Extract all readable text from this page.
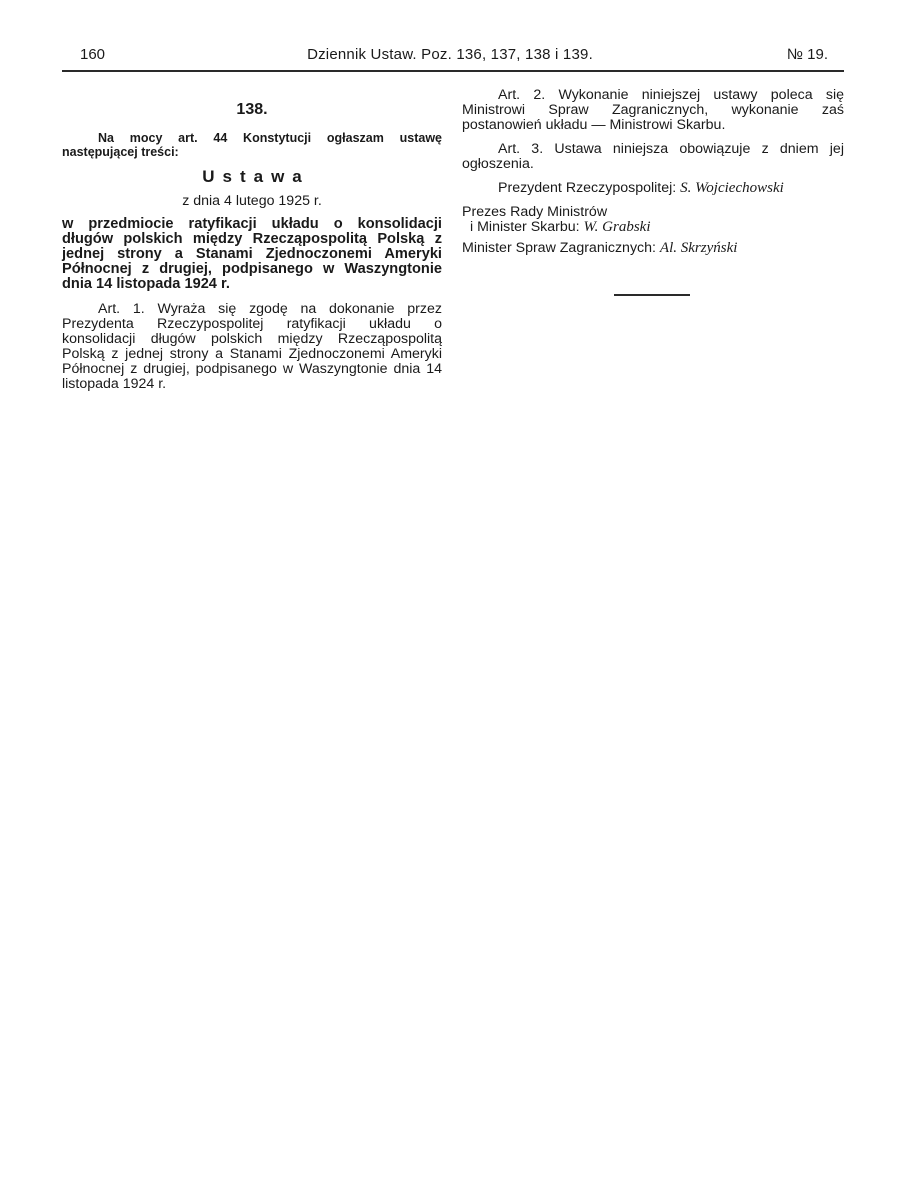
160	Dziennik Ustaw. Poz. 136, 137, 138 i 139.	№ 19.
138.
Na mocy art. 44 Konstytucji ogłaszam ustawę następującej treści:
Ustawa
z dnia 4 lutego 1925 r.
w przedmiocie ratyfikacji układu o konsolidacji długów polskich między Rzecząpospolitą Polską z jednej strony a Stanami Zjednoczonemi Ameryki Północnej z drugiej, podpisanego w Waszyngtonie dnia 14 listopada 1924 r.
Art. 1. Wyraża się zgodę na dokonanie przez Prezydenta Rzeczypospolitej ratyfikacji układu o konsolidacji długów polskich między Rzecząpospolitą Polską z jednej strony a Stanami Zjednoczonemi Ameryki Północnej z drugiej, podpisanego w Waszyngtonie dnia 14 listopada 1924 r.
Art. 2. Wykonanie niniejszej ustawy poleca się Ministrowi Spraw Zagranicznych, wykonanie zaś postanowień układu — Ministrowi Skarbu.
Art. 3. Ustawa niniejsza obowiązuje z dniem jej ogłoszenia.
Prezydent Rzeczypospolitej: S. Wojciechowski
Prezes Rady Ministrów
i Minister Skarbu: W. Grabski
Minister Spraw Zagranicznych: Al. Skrzyński
